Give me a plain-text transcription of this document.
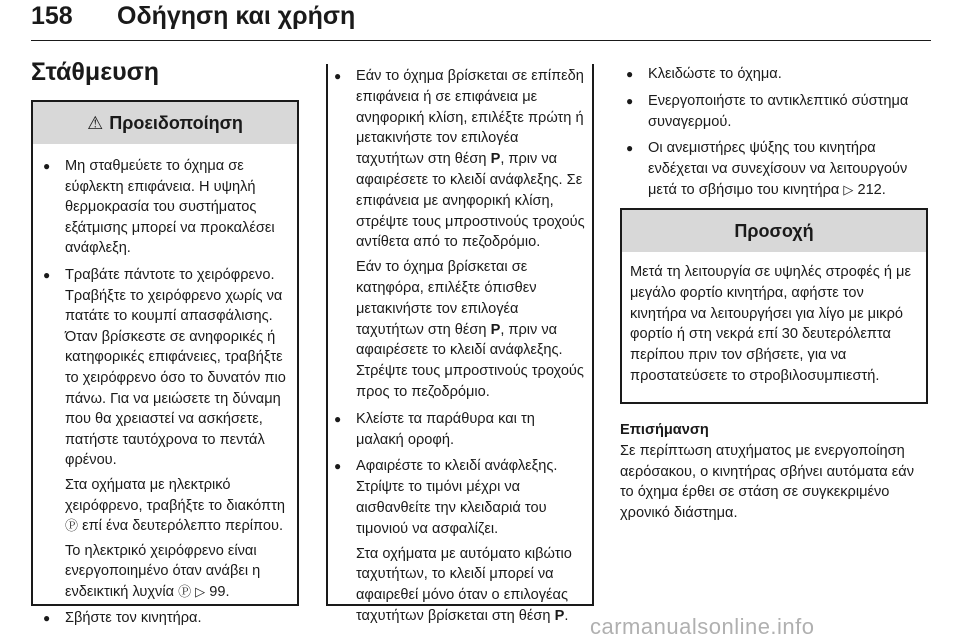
158 Οδήγηση και χρήση
Στάθμευση
⚠ Προειδοποίηση

● Μη σταθμεύετε το όχημα σε εύφλεκτη επιφάνεια. Η υψηλή θερμοκρασία του συστήματος εξάτμισης μπορεί να προκαλέσει ανάφλεξη.

● Τραβάτε πάντοτε το χειρόφρενο. Τραβήξτε το χειρόφρενο χωρίς να πατάτε το κουμπί απασφάλισης. Όταν βρίσκεστε σε ανηφορικές ή κατηφορικές επιφάνειες, τραβήξτε το χειρόφρενο όσο το δυνατόν πιο πάνω. Για να μειώσετε τη δύναμη που θα χρειαστεί να ασκήσετε, πατήστε ταυτόχρονα το πεντάλ φρένου.

Στα οχήματα με ηλεκτρικό χειρόφρενο, τραβήξτε το διακόπτη Ⓟ επί ένα δευτερόλεπτο περίπου.

Το ηλεκτρικό χειρόφρενο είναι ενεργοποιημένο όταν ανάβει η ενδεικτική λυχνία Ⓟ ▷ 99.

● Σβήστε τον κινητήρα.

● Εάν το όχημα βρίσκεται σε επίπεδη επιφάνεια ή σε επιφάνεια με ανηφορική κλίση, επιλέξτε πρώτη ή μετακινήστε τον επιλογέα ταχυτήτων στη θέση P, πριν να αφαιρέσετε το κλειδί ανάφλεξης. Σε επιφάνεια με ανηφορική κλίση, στρέψτε τους μπροστινούς τροχούς αντίθετα από το πεζοδρόμιο.

Εάν το όχημα βρίσκεται σε κατηφόρα, επιλέξτε όπισθεν μετακινήστε τον επιλογέα ταχυτήτων στη θέση P, πριν να αφαιρέσετε το κλειδί ανάφλεξης. Στρέψτε τους μπροστινούς τροχούς προς το πεζοδρόμιο.

● Κλείστε τα παράθυρα και τη μαλακή οροφή.

● Αφαιρέστε το κλειδί ανάφλεξης. Στρίψτε το τιμόνι μέχρι να αισθανθείτε την κλειδαριά του τιμονιού να ασφαλίζει.

Στα οχήματα με αυτόματο κιβώτιο ταχυτήτων, το κλειδί μπορεί να αφαιρεθεί μόνο όταν ο επιλογέας ταχυτήτων βρίσκεται στη θέση P.

● Κλειδώστε το όχημα.

● Ενεργοποιήστε το αντικλεπτικό σύστημα συναγερμού.

● Οι ανεμιστήρες ψύξης του κινητήρα ενδέχεται να συνεχίσουν να λειτουργούν μετά το σβήσιμο του κινητήρα ▷ 212.

Προσοχή
Μετά τη λειτουργία σε υψηλές στροφές ή με μεγάλο φορτίο κινητήρα, αφήστε τον κινητήρα να λειτουργήσει για λίγο με μικρό φορτίο ή στη νεκρά επί 30 δευτερόλεπτα περίπου πριν τον σβήσετε, για να προστατεύσετε το στροβιλοσυμπιεστή.
Επισήμανση
Σε περίπτωση ατυχήματος με ενεργοποίηση αερόσακου, ο κινητήρας σβήνει αυτόματα εάν το όχημα έρθει σε στάση σε συγκεκριμένο χρονικό διάστημα.
carmanualsonline.info
